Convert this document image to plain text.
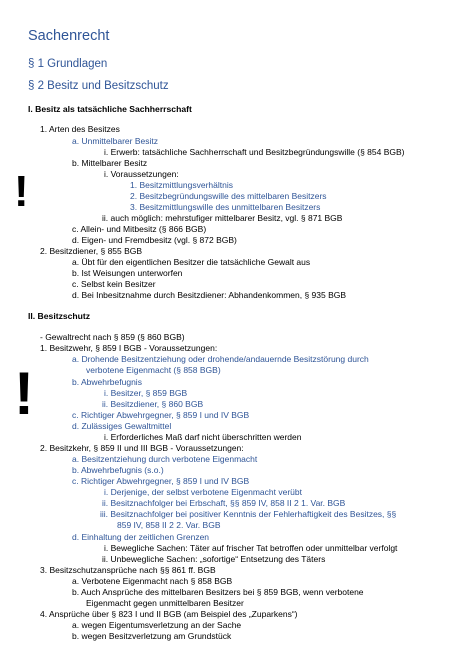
Sachenrecht
§ 1 Grundlagen
§ 2 Besitz und Besitzschutz
I. Besitz als tatsächliche Sachherrschaft
1. Arten des Besitzes
a. Unmittelbarer Besitz
i. Erwerb: tatsächliche Sachherrschaft und Besitzbegründungswille (§ 854 BGB)
b. Mittelbarer Besitz
i. Voraussetzungen:
1. Besitzmittlungsverhältnis
2. Besitzbegründungswille des mittelbaren Besitzers
3. Besitzmittlungswille des unmittelbaren Besitzers
ii. auch möglich: mehrstufiger mittelbarer Besitz, vgl. § 871 BGB
c. Allein- und Mitbesitz (§ 866 BGB)
d. Eigen- und Fremdbesitz (vgl. § 872 BGB)
2. Besitzdiener, § 855 BGB
a. Übt für den eigentlichen Besitzer die tatsächliche Gewalt aus
b. Ist Weisungen unterworfen
c. Selbst kein Besitzer
d. Bei Inbesitznahme durch Besitzdiener: Abhandenkommen, § 935 BGB
II. Besitzschutz
- Gewaltrecht nach § 859 (§ 860 BGB)
1. Besitzwehr, § 859 I BGB - Voraussetzungen:
a. Drohende Besitzentziehung oder drohende/andauernde Besitzstörung durch
verbotene Eigenmacht (§ 858 BGB)
b. Abwehrbefugnis
i. Besitzer, § 859 BGB
ii. Besitzdiener, § 860 BGB
c. Richtiger Abwehrgegner, § 859 I und IV BGB
d. Zulässiges Gewaltmittel
i. Erforderliches Maß darf nicht überschritten werden
2. Besitzkehr, § 859 II und III BGB - Voraussetzungen:
a. Besitzentziehung durch verbotene Eigenmacht
b. Abwehrbefugnis (s.o.)
c. Richtiger Abwehrgegner, § 859 I und IV BGB
i. Derjenige, der selbst verbotene Eigenmacht verübt
ii. Besitznachfolger bei Erbschaft, §§ 859 IV, 858 II 2 1. Var. BGB
iii. Besitznachfolger bei positiver Kenntnis der Fehlerhaftigkeit des Besitzes, §§
859 IV, 858 II 2 2. Var. BGB
d. Einhaltung der zeitlichen Grenzen
i. Bewegliche Sachen: Täter auf frischer Tat betroffen oder unmittelbar verfolgt
ii. Unbewegliche Sachen: „sofortige“ Entsetzung des Täters
3. Besitzschutzansprüche nach §§ 861 ff. BGB
a. Verbotene Eigenmacht nach § 858 BGB
b. Auch Ansprüche des mittelbaren Besitzers bei § 859 BGB, wenn verbotene
Eigenmacht gegen unmittelbaren Besitzer
4. Ansprüche über § 823 I und II BGB (am Beispiel des „Zuparkens“)
a. wegen Eigentumsverletzung an der Sache
b. wegen Besitzverletzung am Grundstück
!
!
